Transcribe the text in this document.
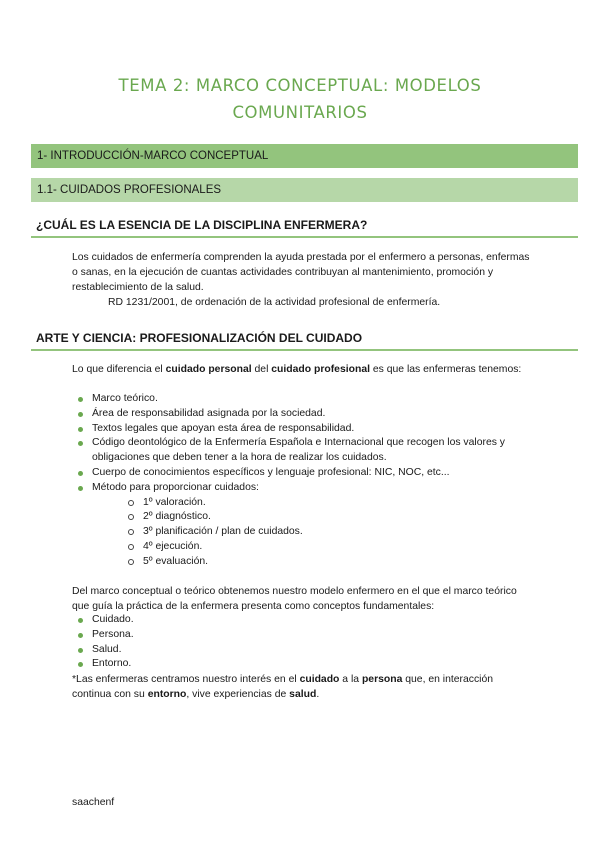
TEMA 2: MARCO CONCEPTUAL: MODELOS
COMUNITARIOS
1- INTRODUCCIÓN-MARCO CONCEPTUAL
1.1- CUIDADOS PROFESIONALES
¿CUÁL ES LA ESENCIA DE LA DISCIPLINA ENFERMERA?
Los cuidados de enfermería comprenden la ayuda prestada por el enfermero a personas, enfermas o sanas, en la ejecución de cuantas actividades contribuyan al mantenimiento, promoción y restablecimiento de la salud.
RD 1231/2001, de ordenación de la actividad profesional de enfermería.
ARTE Y CIENCIA: PROFESIONALIZACIÓN DEL CUIDADO
Lo que diferencia el cuidado personal del cuidado profesional es que las enfermeras tenemos:
Marco teórico.
Área de responsabilidad asignada por la sociedad.
Textos legales que apoyan esta área de responsabilidad.
Código deontológico de la Enfermería Española e Internacional que recogen los valores y obligaciones que deben tener a la hora de realizar los cuidados.
Cuerpo de conocimientos específicos y lenguaje profesional: NIC, NOC, etc...
Método para proporcionar cuidados:
1º valoración.
2º diagnóstico.
3º planificación / plan de cuidados.
4º ejecución.
5º evaluación.
Del marco conceptual o teórico obtenemos nuestro modelo enfermero en el que el marco teórico que guía la práctica de la enfermera presenta como conceptos fundamentales:
Cuidado.
Persona.
Salud.
Entorno.
*Las enfermeras centramos nuestro interés en el cuidado a la persona que, en interacción continua con su entorno, vive experiencias de salud.
saachenf
